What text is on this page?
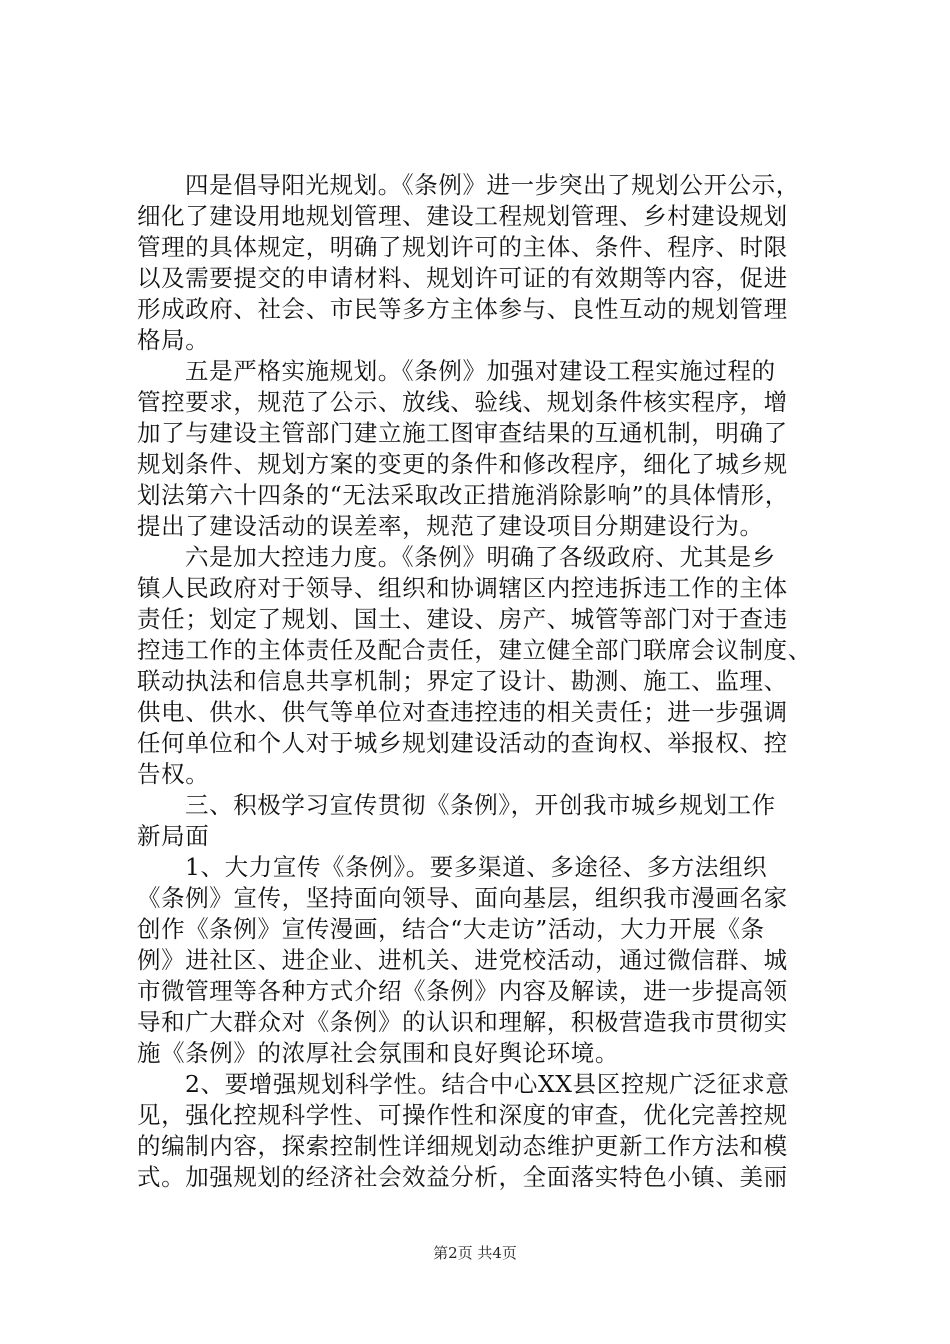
四是倡导阳光规划。《条例》进一步突出了规划公开公示，
细化了建设用地规划管理、建设工程规划管理、乡村建设规划
管理的具体规定，明确了规划许可的主体、条件、程序、时限
以及需要提交的申请材料、规划许可证的有效期等内容，促进
形成政府、社会、市民等多方主体参与、良性互动的规划管理
格局。
五是严格实施规划。《条例》加强对建设工程实施过程的
管控要求，规范了公示、放线、验线、规划条件核实程序，增
加了与建设主管部门建立施工图审查结果的互通机制，明确了
规划条件、规划方案的变更的条件和修改程序，细化了城乡规
划法第六十四条的“无法采取改正措施消除影响”的具体情形，
提出了建设活动的误差率，规范了建设项目分期建设行为。
六是加大控违力度。《条例》明确了各级政府、尤其是乡
镇人民政府对于领导、组织和协调辖区内控违拆违工作的主体
责任；划定了规划、国土、建设、房产、城管等部门对于查违
控违工作的主体责任及配合责任，建立健全部门联席会议制度、
联动执法和信息共享机制；界定了设计、勘测、施工、监理、
供电、供水、供气等单位对查违控违的相关责任；进一步强调
任何单位和个人对于城乡规划建设活动的查询权、举报权、控
告权。
三、积极学习宣传贯彻《条例》，开创我市城乡规划工作
新局面
1、大力宣传《条例》。要多渠道、多途径、多方法组织
《条例》宣传，坚持面向领导、面向基层，组织我市漫画名家
创作《条例》宣传漫画，结合“大走访”活动，大力开展《条
例》进社区、进企业、进机关、进党校活动，通过微信群、城
市微管理等各种方式介绍《条例》内容及解读，进一步提高领
导和广大群众对《条例》的认识和理解，积极营造我市贯彻实
施《条例》的浓厚社会氛围和良好舆论环境。
2、要增强规划科学性。结合中心XX县区控规广泛征求意
见，强化控规科学性、可操作性和深度的审查，优化完善控规
的编制内容，探索控制性详细规划动态维护更新工作方法和模
式。加强规划的经济社会效益分析，全面落实特色小镇、美丽
第2页 共4页
